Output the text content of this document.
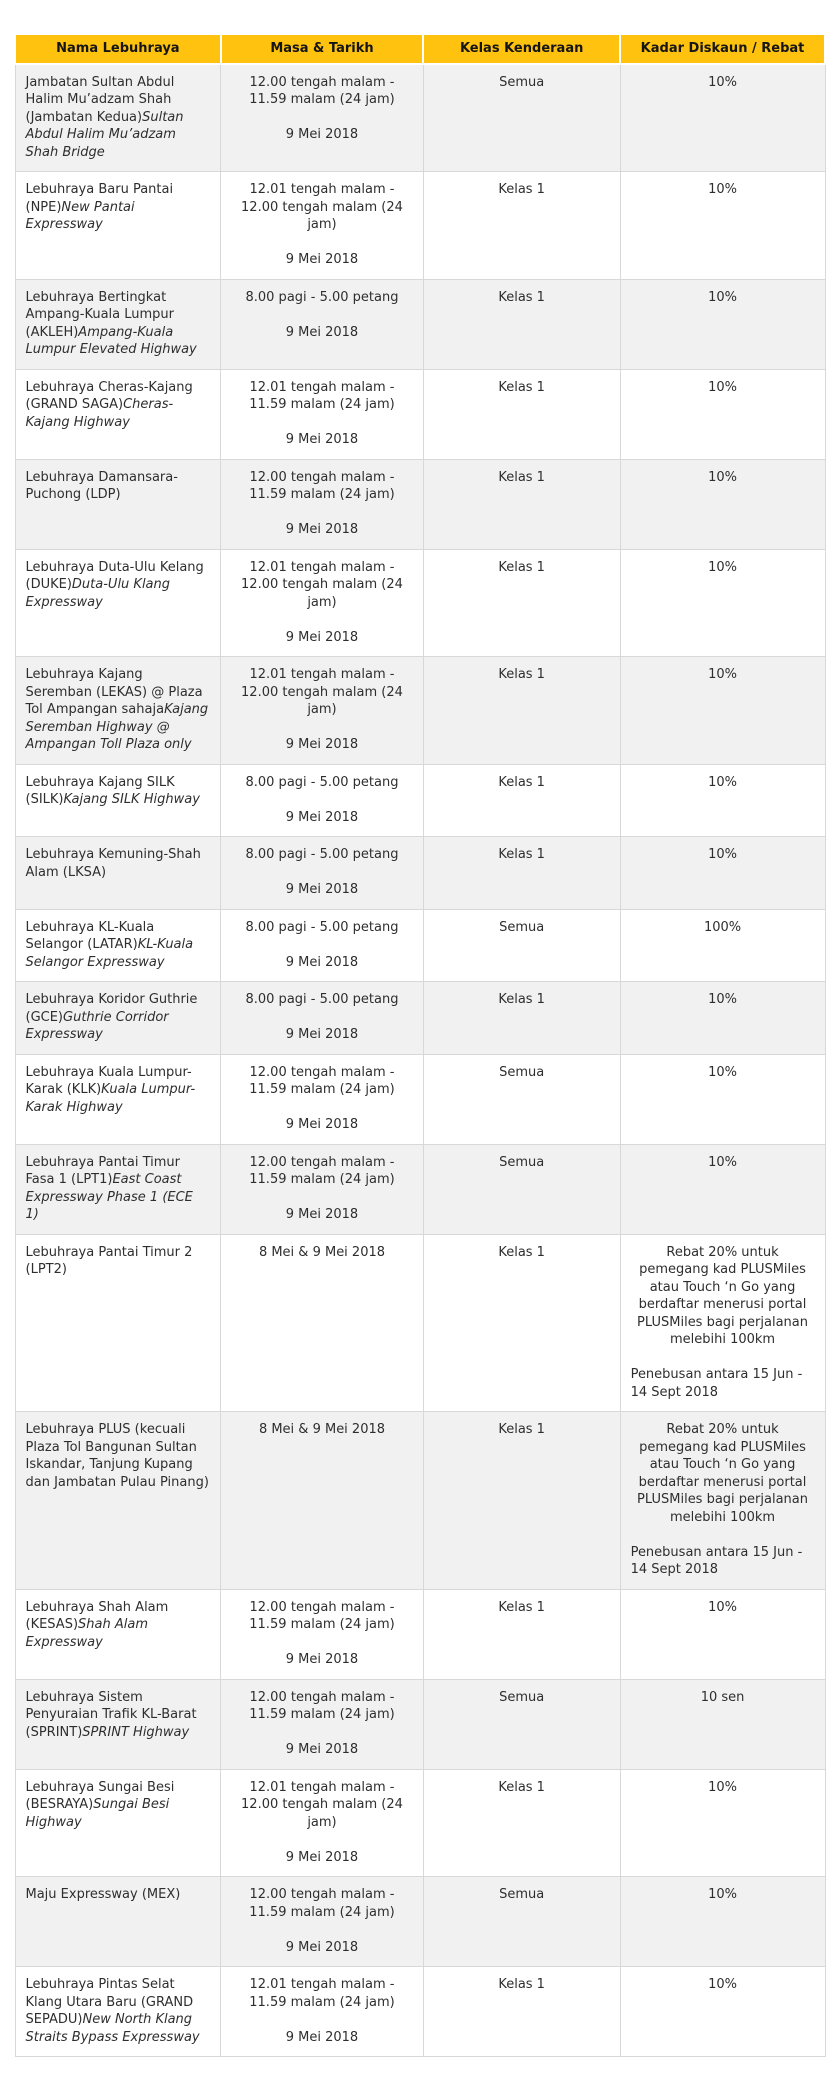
Nama Lebuhraya	Masa & Tarikh	Kelas Kenderaan	Kadar Diskaun / Rebat
Jambatan Sultan Abdul Halim Mu’adzam Shah (Jambatan Kedua)Sultan Abdul Halim Mu’adzam Shah Bridge	12.00 tengah malam - 11.59 malam (24 jam)
9 Mei 2018	Semua	10%

Lebuhraya Baru Pantai (NPE)New Pantai Expressway	12.01 tengah malam - 12.00 tengah malam (24 jam)
9 Mei 2018	Kelas 1	10%

Lebuhraya Bertingkat Ampang-Kuala Lumpur (AKLEH)Ampang-Kuala Lumpur Elevated Highway	8.00 pagi - 5.00 petang
9 Mei 2018	Kelas 1	10%

Lebuhraya Cheras-Kajang (GRAND SAGA)Cheras-Kajang Highway	12.01 tengah malam - 11.59 malam (24 jam)
9 Mei 2018	Kelas 1	10%

Lebuhraya Damansara-Puchong (LDP)	12.00 tengah malam - 11.59 malam (24 jam)
9 Mei 2018	Kelas 1	10%

Lebuhraya Duta-Ulu Kelang (DUKE)Duta-Ulu Klang Expressway	12.01 tengah malam - 12.00 tengah malam (24 jam)
9 Mei 2018	Kelas 1	10%

Lebuhraya Kajang Seremban (LEKAS) @ Plaza Tol Ampangan sahajaKajang Seremban Highway @ Ampangan Toll Plaza only	12.01 tengah malam - 12.00 tengah malam (24 jam)
9 Mei 2018	Kelas 1	10%

Lebuhraya Kajang SILK (SILK)Kajang SILK Highway	8.00 pagi - 5.00 petang
9 Mei 2018	Kelas 1	10%

Lebuhraya Kemuning-Shah Alam (LKSA)	8.00 pagi - 5.00 petang
9 Mei 2018	Kelas 1	10%

Lebuhraya KL-Kuala Selangor (LATAR)KL-Kuala Selangor Expressway	8.00 pagi - 5.00 petang
9 Mei 2018	Semua	100%

Lebuhraya Koridor Guthrie (GCE)Guthrie Corridor Expressway	8.00 pagi - 5.00 petang
9 Mei 2018	Kelas 1	10%

Lebuhraya Kuala Lumpur-Karak (KLK)Kuala Lumpur-Karak Highway	12.00 tengah malam - 11.59 malam (24 jam)
9 Mei 2018	Semua	10%

Lebuhraya Pantai Timur Fasa 1 (LPT1)East Coast Expressway Phase 1 (ECE 1)	12.00 tengah malam - 11.59 malam (24 jam)
9 Mei 2018	Semua	10%

Lebuhraya Pantai Timur 2 (LPT2)	8 Mei & 9 Mei 2018	Kelas 1	Rebat 20% untuk pemegang kad PLUSMiles atau Touch ‘n Go yang berdaftar menerusi portal PLUSMiles bagi perjalanan melebihi 100km
Penebusan antara 15 Jun - 14 Sept 2018

Lebuhraya PLUS (kecuali Plaza Tol Bangunan Sultan Iskandar, Tanjung Kupang dan Jambatan Pulau Pinang)	8 Mei & 9 Mei 2018	Kelas 1	Rebat 20% untuk pemegang kad PLUSMiles atau Touch ‘n Go yang berdaftar menerusi portal PLUSMiles bagi perjalanan melebihi 100km
Penebusan antara 15 Jun - 14 Sept 2018

Lebuhraya Shah Alam (KESAS)Shah Alam Expressway	12.00 tengah malam - 11.59 malam (24 jam)
9 Mei 2018	Kelas 1	10%

Lebuhraya Sistem Penyuraian Trafik KL-Barat (SPRINT)SPRINT Highway	12.00 tengah malam - 11.59 malam (24 jam)
9 Mei 2018	Semua	10 sen

Lebuhraya Sungai Besi (BESRAYA)Sungai Besi Highway	12.01 tengah malam - 12.00 tengah malam (24 jam)
9 Mei 2018	Kelas 1	10%

Maju Expressway (MEX)	12.00 tengah malam - 11.59 malam (24 jam)
9 Mei 2018	Semua	10%

Lebuhraya Pintas Selat Klang Utara Baru (GRAND SEPADU)New North Klang Straits Bypass Expressway	12.01 tengah malam - 11.59 malam (24 jam)
9 Mei 2018	Kelas 1	10%
